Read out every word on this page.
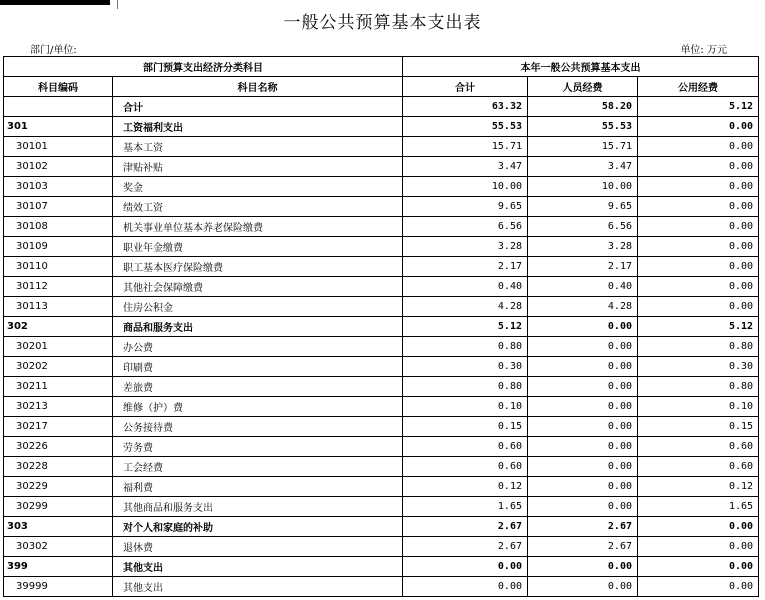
一般公共预算基本支出表
部门/单位:	单位: 万元
部门预算支出经济分类科目		本年一般公共预算基本支出		
科目编码	科目名称	合计	人员经费	公用经费
	合计	63.32	58.20	5.12
301	工资福利支出	55.53	55.53	0.00
30101	基本工资	15.71	15.71	0.00
30102	津贴补贴	3.47	3.47	0.00
30103	奖金	10.00	10.00	0.00
30107	绩效工资	9.65	9.65	0.00
30108	机关事业单位基本养老保险缴费	6.56	6.56	0.00
30109	职业年金缴费	3.28	3.28	0.00
30110	职工基本医疗保险缴费	2.17	2.17	0.00
30112	其他社会保障缴费	0.40	0.40	0.00
30113	住房公积金	4.28	4.28	0.00
302	商品和服务支出	5.12	0.00	5.12
30201	办公费	0.80	0.00	0.80
30202	印刷费	0.30	0.00	0.30
30211	差旅费	0.80	0.00	0.80
30213	维修（护）费	0.10	0.00	0.10
30217	公务接待费	0.15	0.00	0.15
30226	劳务费	0.60	0.00	0.60
30228	工会经费	0.60	0.00	0.60
30229	福利费	0.12	0.00	0.12
30299	其他商品和服务支出	1.65	0.00	1.65
303	对个人和家庭的补助	2.67	2.67	0.00
30302	退休费	2.67	2.67	0.00
399	其他支出	0.00	0.00	0.00
39999	其他支出	0.00	0.00	0.00
